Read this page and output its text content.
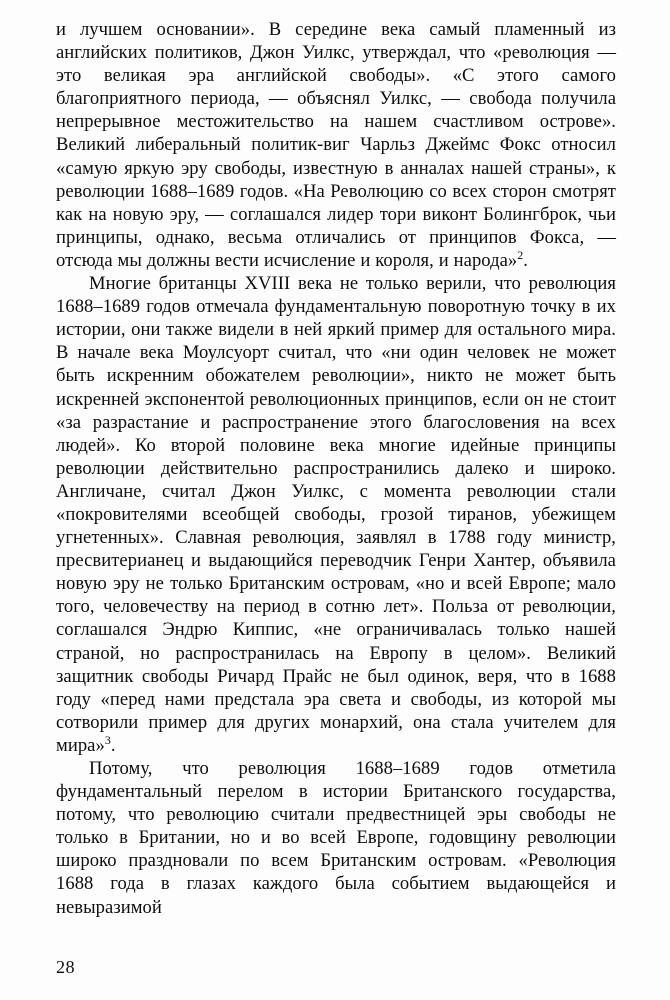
и лучшем основании». В середине века самый пламенный из английских политиков, Джон Уилкс, утверждал, что «революция — это великая эра английской свободы». «С этого самого благоприятного периода, — объяснял Уилкс, — свобода получила непрерывное местожительство на нашем счастливом острове». Великий либеральный политик-виг Чарльз Джеймс Фокс относил «самую яркую эру свободы, известную в анналах нашей страны», к революции 1688–1689 годов. «На Революцию со всех сторон смотрят как на новую эру, — соглашался лидер тори виконт Болингброк, чьи принципы, однако, весьма отличались от принципов Фокса, — отсюда мы должны вести исчисление и короля, и народа»$^2$.

Многие британцы XVIII века не только верили, что революция 1688–1689 годов отмечала фундаментальную поворотную точку в их истории, они также видели в ней яркий пример для остального мира. В начале века Моулсуорт считал, что «ни один человек не может быть искренним обожателем революции», никто не может быть искренней экспонентой революционных принципов, если он не стоит «за разрастание и распространение этого благословения на всех людей». Ко второй половине века многие идейные принципы революции действительно распространились далеко и широко. Англичане, считал Джон Уилкс, с момента революции стали «покровителями всеобщей свободы, грозой тиранов, убежищем угнетенных». Славная революция, заявлял в 1788 году министр, пресвитерианец и выдающийся переводчик Генри Хантер, объявила новую эру не только Британским островам, «но и всей Европе; мало того, человечеству на период в сотню лет». Польза от революции, соглашался Эндрю Киппис, «не ограничивалась только нашей страной, но распространилась на Европу в целом». Великий защитник свободы Ричард Прайс не был одинок, веря, что в 1688 году «перед нами предстала эра света и свободы, из которой мы сотворили пример для других монархий, она стала учителем для мира»$^3$.

Потому, что революция 1688–1689 годов отметила фундаментальный перелом в истории Британского государства, потому, что революцию считали предвестницей эры свободы не только в Британии, но и во всей Европе, годовщину революции широко праздновали по всем Британским островам. «Революция 1688 года в глазах каждого была событием выдающейся и невыразимой

28
